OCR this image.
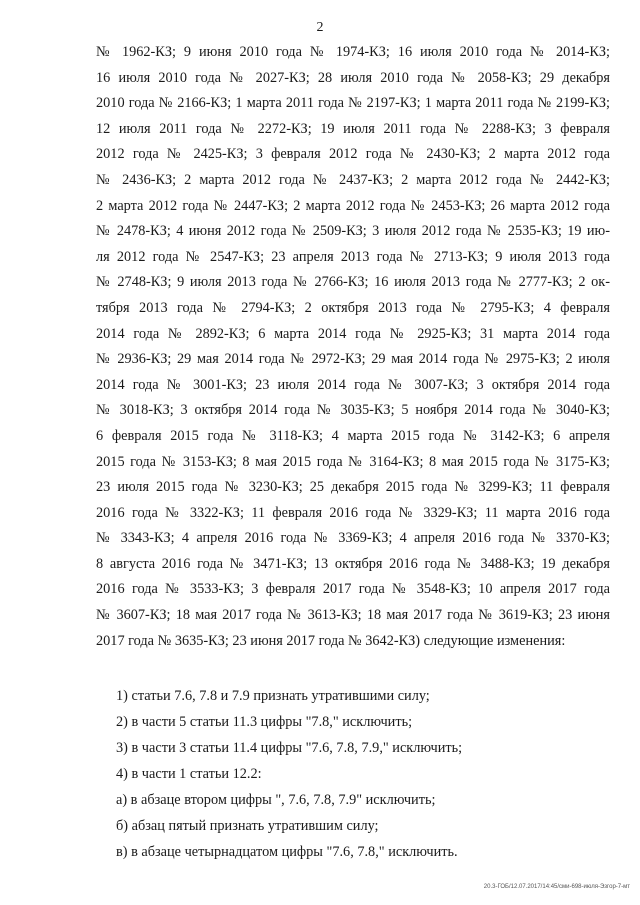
2
№ 1962-КЗ; 9 июня 2010 года № 1974-КЗ; 16 июля 2010 года № 2014-КЗ;
16 июля 2010 года № 2027-КЗ; 28 июля 2010 года № 2058-КЗ; 29 декабря
2010 года № 2166-КЗ; 1 марта 2011 года № 2197-КЗ; 1 марта 2011 года № 2199-КЗ;
12 июля 2011 года № 2272-КЗ; 19 июля 2011 года № 2288-КЗ; 3 февраля
2012 года № 2425-КЗ; 3 февраля 2012 года № 2430-КЗ; 2 марта 2012 года
№ 2436-КЗ; 2 марта 2012 года № 2437-КЗ; 2 марта 2012 года № 2442-КЗ;
2 марта 2012 года № 2447-КЗ; 2 марта 2012 года № 2453-КЗ; 26 марта 2012 года
№ 2478-КЗ; 4 июня 2012 года № 2509-КЗ; 3 июля 2012 года № 2535-КЗ; 19 ию-
ля 2012 года № 2547-КЗ; 23 апреля 2013 года № 2713-КЗ; 9 июля 2013 года
№ 2748-КЗ; 9 июля 2013 года № 2766-КЗ; 16 июля 2013 года № 2777-КЗ; 2 ок-
тября 2013 года № 2794-КЗ; 2 октября 2013 года № 2795-КЗ; 4 февраля
2014 года № 2892-КЗ; 6 марта 2014 года № 2925-КЗ; 31 марта 2014 года
№ 2936-КЗ; 29 мая 2014 года № 2972-КЗ; 29 мая 2014 года № 2975-КЗ; 2 июля
2014 года № 3001-КЗ; 23 июля 2014 года № 3007-КЗ; 3 октября 2014 года
№ 3018-КЗ; 3 октября 2014 года № 3035-КЗ; 5 ноября 2014 года № 3040-КЗ;
6 февраля 2015 года № 3118-КЗ; 4 марта 2015 года № 3142-КЗ; 6 апреля
2015 года № 3153-КЗ; 8 мая 2015 года № 3164-КЗ; 8 мая 2015 года № 3175-КЗ;
23 июля 2015 года № 3230-КЗ; 25 декабря 2015 года № 3299-КЗ; 11 февраля
2016 года № 3322-КЗ; 11 февраля 2016 года № 3329-КЗ; 11 марта 2016 года
№ 3343-КЗ; 4 апреля 2016 года № 3369-КЗ; 4 апреля 2016 года № 3370-КЗ;
8 августа 2016 года № 3471-КЗ; 13 октября 2016 года № 3488-КЗ; 19 декабря
2016 года № 3533-КЗ; 3 февраля 2017 года № 3548-КЗ; 10 апреля 2017 года
№ 3607-КЗ; 18 мая 2017 года № 3613-КЗ; 18 мая 2017 года № 3619-КЗ; 23 июня
2017 года № 3635-КЗ; 23 июня 2017 года № 3642-КЗ) следующие изменения:
1) статьи 7.6, 7.8 и 7.9 признать утратившими силу;
2) в части 5 статьи 11.3 цифры "7.8," исключить;
3) в части 3 статьи 11.4 цифры "7.6, 7.8, 7.9," исключить;
4) в части 1 статьи 12.2:
а) в абзаце втором цифры ", 7.6, 7.8, 7.9" исключить;
б) абзац пятый признать утратившим силу;
в) в абзаце четырнадцатом цифры "7.6, 7.8," исключить.
20.3-ГОБ/12.07.2017/14:45/сми-698-июля-Эзгор-7-мт
